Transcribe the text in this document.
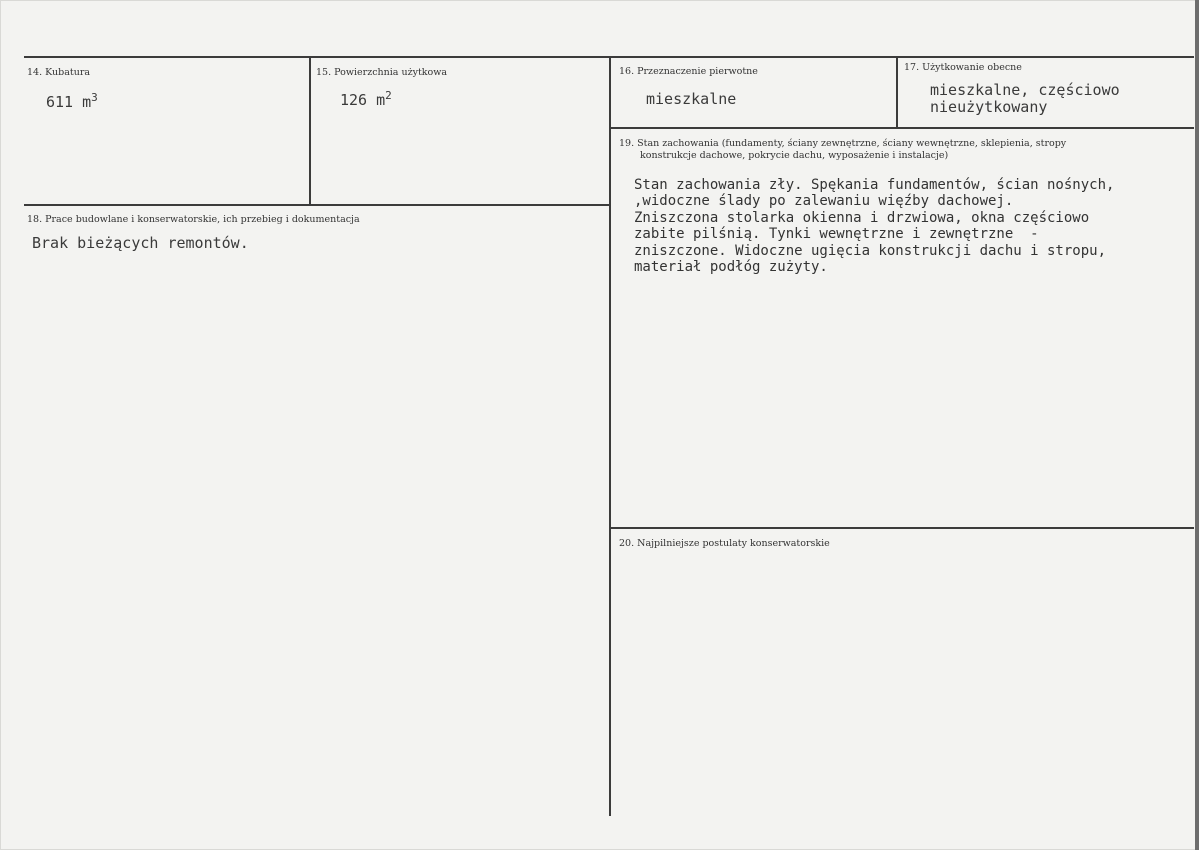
14. Kubatura
611 $m^3$
15. Powierzchnia użytkowa
126 $m^2$
16. Przeznaczenie pierwotne
mieszkalne
17. Użytkowanie obecne
mieszkalne, częściowo
nieużytkowany
18. Prace budowlane i konserwatorskie, ich przebieg i dokumentacja
Brak bieżących remontów.
19. Stan zachowania (fundamenty, ściany zewnętrzne, ściany wewnętrzne, sklepienia, stropy
konstrukcje dachowe, pokrycie dachu, wyposażenie i instalacje)
Stan zachowania zły. Spękania fundamentów, ścian nośnych,
,widoczne ślady po zalewaniu więźby dachowej.
Zniszczona stolarka okienna i drzwiowa, okna częściowo
zabite pilśnią. Tynki wewnętrzne i zewnętrzne  -
zniszczone. Widoczne ugięcia konstrukcji dachu i stropu,
materiał podłóg zużyty.
20. Najpilniejsze postulaty konserwatorskie
